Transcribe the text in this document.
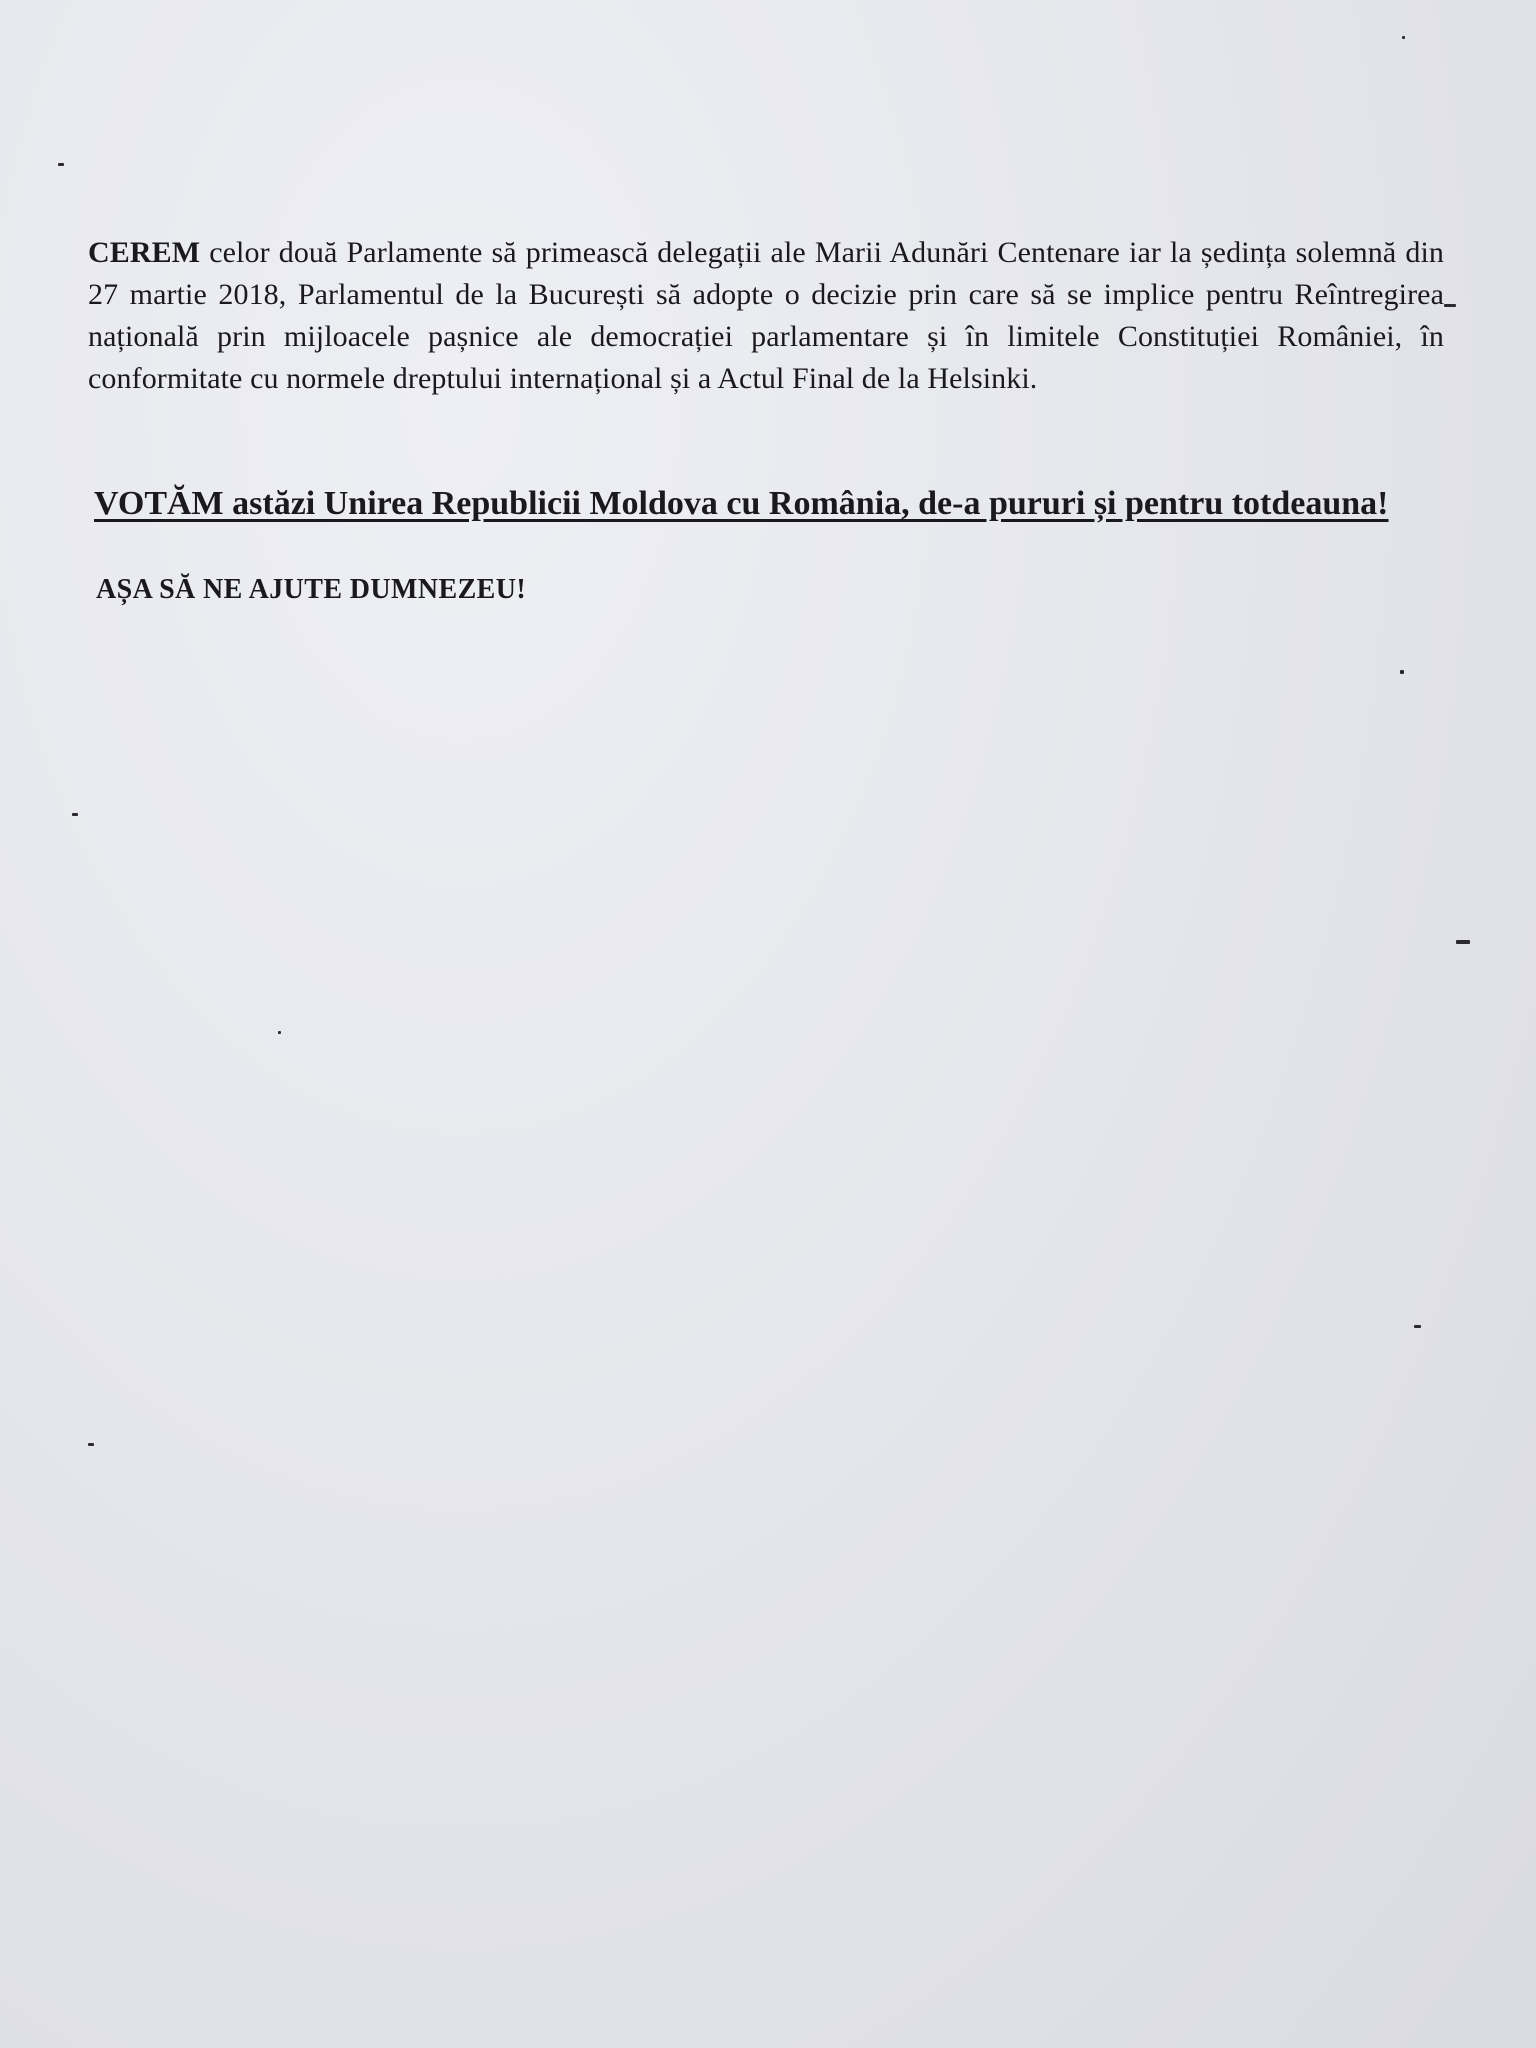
CEREM celor două Parlamente să primească delegații ale Marii Adunări Centenare iar la ședința solemnă din 27 martie 2018, Parlamentul de la București să adopte o decizie prin care să se implice pentru Reîntregirea națională prin mijloacele pașnice ale democrației parlamentare și în limitele Constituției României, în conformitate cu normele dreptului internațional și a Actul Final de la Helsinki.

VOTĂM astăzi Unirea Republicii Moldova cu România, de-a pururi și pentru totdeauna!
AȘA SĂ NE AJUTE DUMNEZEU!
